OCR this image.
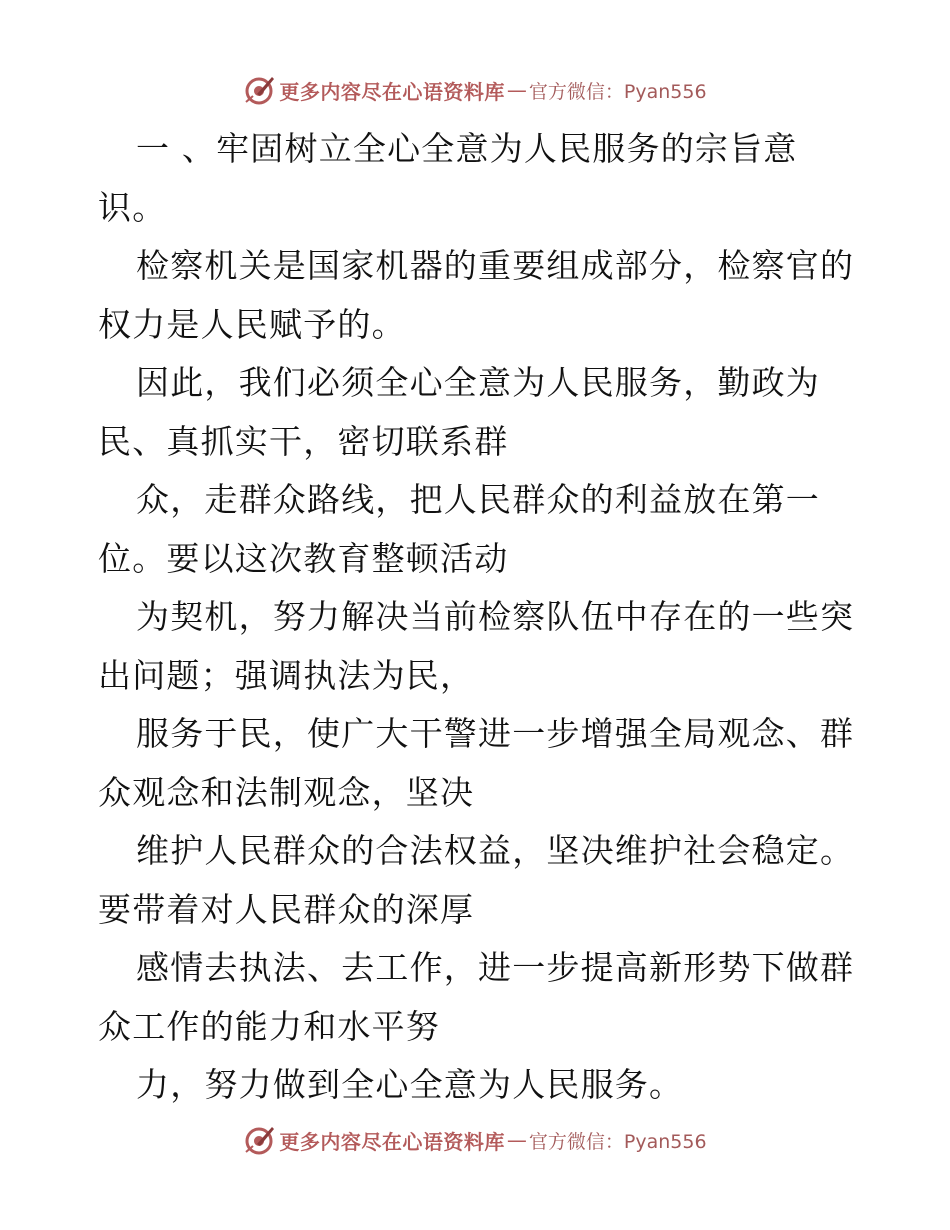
更多内容尽在心语资料库 — 官方微信：Pyan556

一 、牢固树立全心全意为人民服务的宗旨意识。

检察机关是国家机器的重要组成部分，检察官的权力是人民赋予的。

因此，我们必须全心全意为人民服务，勤政为民、真抓实干，密切联系群

众，走群众路线，把人民群众的利益放在第一位。要以这次教育整顿活动

为契机，努力解决当前检察队伍中存在的一些突出问题；强调执法为民，

服务于民，使广大干警进一步增强全局观念、群众观念和法制观念，坚决

维护人民群众的合法权益，坚决维护社会稳定。要带着对人民群众的深厚

感情去执法、去工作，进一步提高新形势下做群众工作的能力和水平努

力，努力做到全心全意为人民服务。

更多内容尽在心语资料库 — 官方微信：Pyan556
